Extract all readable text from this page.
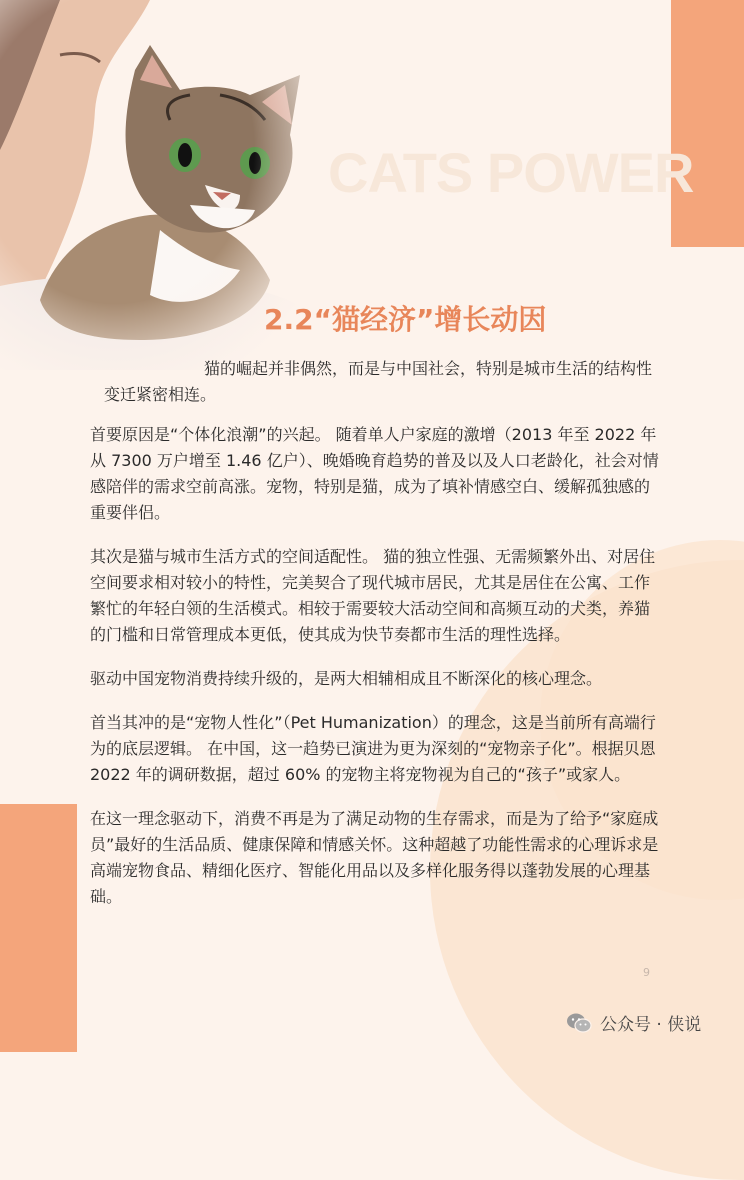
CATS POWER
2.2“猫经济”增长动因

猫的崛起并非偶然，而是与中国社会，特别是城市生活的结构性变迁紧密相连。

首要原因是“个体化浪潮”的兴起。 随着单人户家庭的激增（2013 年至 2022 年从 7300 万户增至 1.46 亿户）、晚婚晚育趋势的普及以及人口老龄化，社会对情感陪伴的需求空前高涨。宠物，特别是猫，成为了填补情感空白、缓解孤独感的重要伴侣。

其次是猫与城市生活方式的空间适配性。 猫的独立性强、无需频繁外出、对居住空间要求相对较小的特性，完美契合了现代城市居民，尤其是居住在公寓、工作繁忙的年轻白领的生活模式。相较于需要较大活动空间和高频互动的犬类，养猫的门槛和日常管理成本更低，使其成为快节奏都市生活的理性选择。

驱动中国宠物消费持续升级的，是两大相辅相成且不断深化的核心理念。

首当其冲的是“宠物人性化”（Pet Humanization）的理念，这是当前所有高端行为的底层逻辑。 在中国，这一趋势已演进为更为深刻的“宠物亲子化”。根据贝恩 2022 年的调研数据，超过 60% 的宠物主将宠物视为自己的“孩子”或家人。

在这一理念驱动下，消费不再是为了满足动物的生存需求，而是为了给予“家庭成员”最好的生活品质、健康保障和情感关怀。这种超越了功能性需求的心理诉求是高端宠物食品、精细化医疗、智能化用品以及多样化服务得以蓬勃发展的心理基础。

9
公众号 · 侠说
